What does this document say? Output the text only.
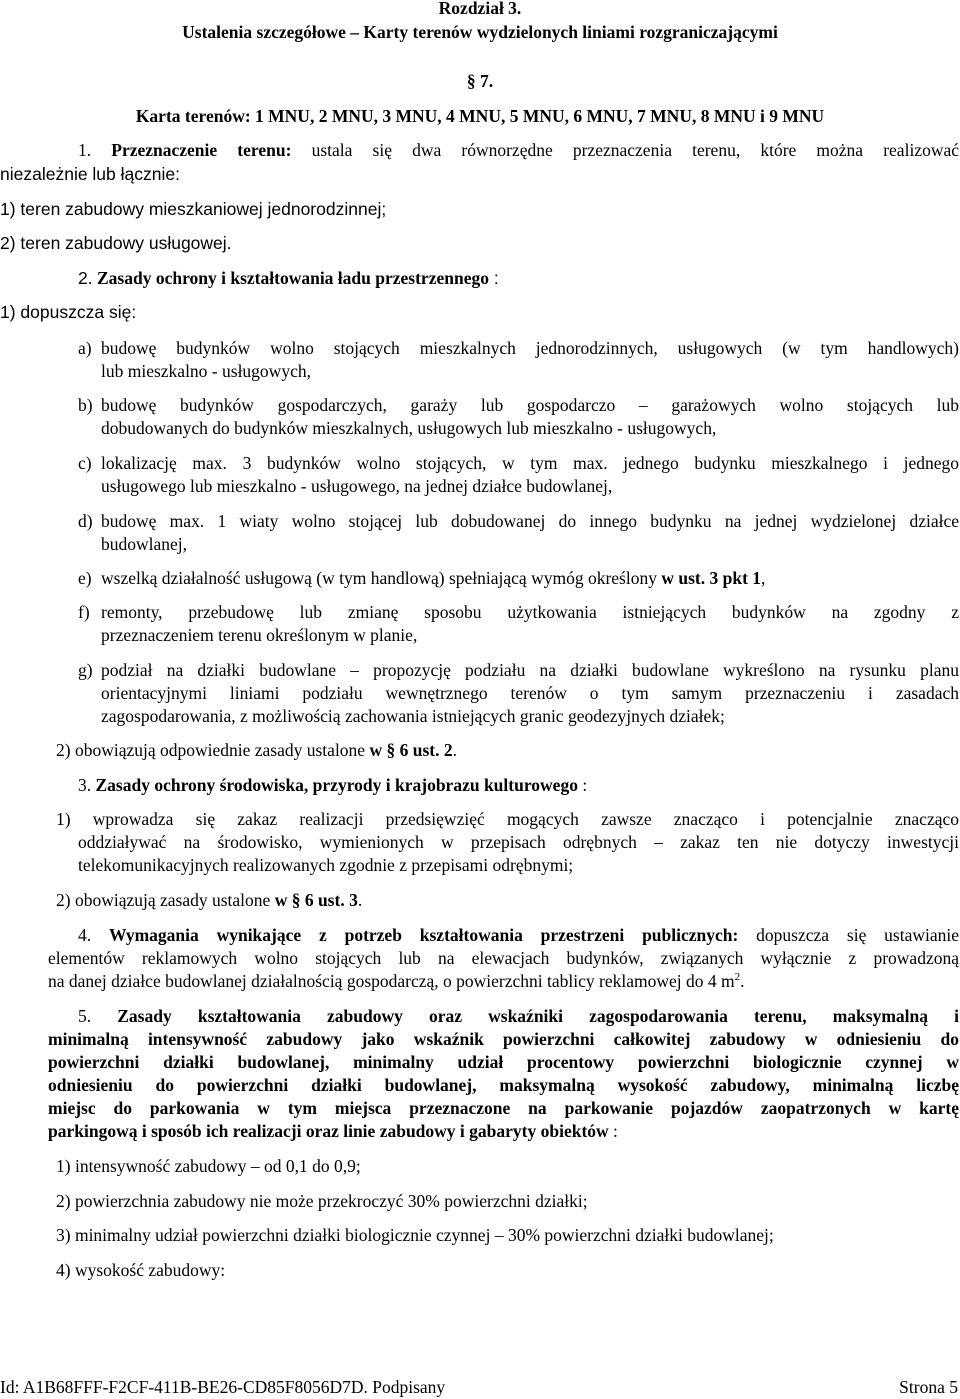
Rozdział 3.
Ustalenia szczegółowe – Karty terenów wydzielonych liniami rozgraniczającymi
§ 7.
Karta terenów: 1 MNU, 2 MNU, 3 MNU, 4 MNU, 5 MNU, 6 MNU, 7 MNU, 8 MNU i 9 MNU
1. Przeznaczenie terenu: ustala się dwa równorzędne przeznaczenia terenu, które można realizować
niezależnie lub łącznie:
1) teren zabudowy mieszkaniowej jednorodzinnej;
2) teren zabudowy usługowej.
2. Zasady ochrony i kształtowania ładu przestrzennego :
1) dopuszcza się:
a) budowę budynków wolno stojących mieszkalnych jednorodzinnych, usługowych (w tym handlowych)
lub mieszkalno - usługowych,
b) budowę budynków gospodarczych, garaży lub gospodarczo – garażowych wolno stojących lub
dobudowanych do budynków mieszkalnych, usługowych lub mieszkalno - usługowych,
c) lokalizację max. 3 budynków wolno stojących, w tym max. jednego budynku mieszkalnego i jednego
usługowego lub mieszkalno - usługowego, na jednej działce budowlanej,
d) budowę max. 1 wiaty wolno stojącej lub dobudowanej do innego budynku na jednej wydzielonej działce
budowlanej,
e) wszelką działalność usługową (w tym handlową) spełniającą wymóg określony w ust. 3 pkt 1,
f) remonty, przebudowę lub zmianę sposobu użytkowania istniejących budynków na zgodny z
przeznaczeniem terenu określonym w planie,
g) podział na działki budowlane – propozycję podziału na działki budowlane wykreślono na rysunku planu
orientacyjnymi liniami podziału wewnętrznego terenów o tym samym przeznaczeniu i zasadach
zagospodarowania, z możliwością zachowania istniejących granic geodezyjnych działek;
2) obowiązują odpowiednie zasady ustalone w § 6 ust. 2.
3. Zasady ochrony środowiska, przyrody i krajobrazu kulturowego :
1) wprowadza się zakaz realizacji przedsięwzięć mogących zawsze znacząco i potencjalnie znacząco
oddziaływać na środowisko, wymienionych w przepisach odrębnych – zakaz ten nie dotyczy inwestycji
telekomunikacyjnych realizowanych zgodnie z przepisami odrębnymi;
2) obowiązują zasady ustalone w § 6 ust. 3.
4. Wymagania wynikające z potrzeb kształtowania przestrzeni publicznych: dopuszcza się ustawianie
elementów reklamowych wolno stojących lub na elewacjach budynków, związanych wyłącznie z prowadzoną
na danej działce budowlanej działalnością gospodarczą, o powierzchni tablicy reklamowej do 4 $m^2$.
5. Zasady kształtowania zabudowy oraz wskaźniki zagospodarowania terenu, maksymalną i
minimalną intensywność zabudowy jako wskaźnik powierzchni całkowitej zabudowy w odniesieniu do
powierzchni działki budowlanej, minimalny udział procentowy powierzchni biologicznie czynnej w
odniesieniu do powierzchni działki budowlanej, maksymalną wysokość zabudowy, minimalną liczbę
miejsc do parkowania w tym miejsca przeznaczone na parkowanie pojazdów zaopatrzonych w kartę
parkingową i sposób ich realizacji oraz linie zabudowy i gabaryty obiektów :
1) intensywność zabudowy – od 0,1 do 0,9;
2) powierzchnia zabudowy nie może przekroczyć 30% powierzchni działki;
3) minimalny udział powierzchni działki biologicznie czynnej – 30% powierzchni działki budowlanej;
4) wysokość zabudowy:
Id: A1B68FFF-F2CF-411B-BE26-CD85F8056D7D. Podpisany	Strona 5
